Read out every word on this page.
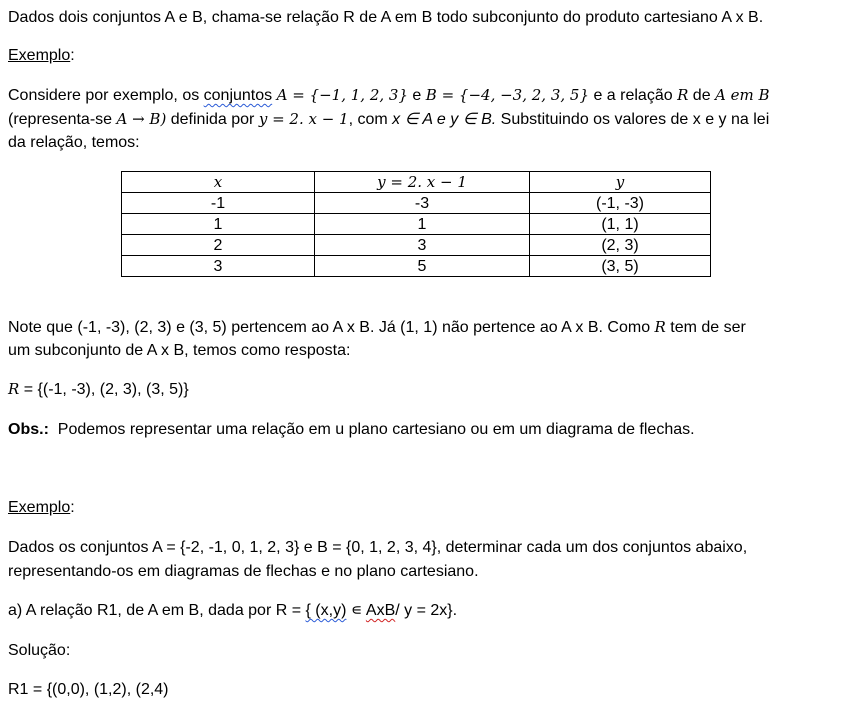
Dados dois conjuntos A e B, chama-se relação R de A em B todo subconjunto do produto cartesiano A x B.
Exemplo:
Considere por exemplo, os conjuntos A = {−1, 1, 2, 3} e B = {−4, −3, 2, 3, 5} e a relação R de A em B
(representa-se A → B) definida por y = 2. x − 1, com x ∈ A e y ∈ B. Substituindo os valores de x e y na lei
da relação, temos:
x	y = 2. x − 1	y
-1	-3	(-1, -3)
1	1	(1, 1)
2	3	(2, 3)
3	5	(3, 5)
Note que (-1, -3), (2, 3) e (3, 5) pertencem ao A x B. Já (1, 1) não pertence ao A x B. Como R tem de ser
um subconjunto de A x B, temos como resposta:
R = {(-1, -3), (2, 3), (3, 5)}
Obs.:  Podemos representar uma relação em u plano cartesiano ou em um diagrama de flechas.
Exemplo:
Dados os conjuntos A = {-2, -1, 0, 1, 2, 3} e B = {0, 1, 2, 3, 4}, determinar cada um dos conjuntos abaixo,
representando-os em diagramas de flechas e no plano cartesiano.
a) A relação R1, de A em B, dada por R = { (x,y) ∊ AxB/ y = 2x}.
Solução:
R1 = {(0,0), (1,2), (2,4)
